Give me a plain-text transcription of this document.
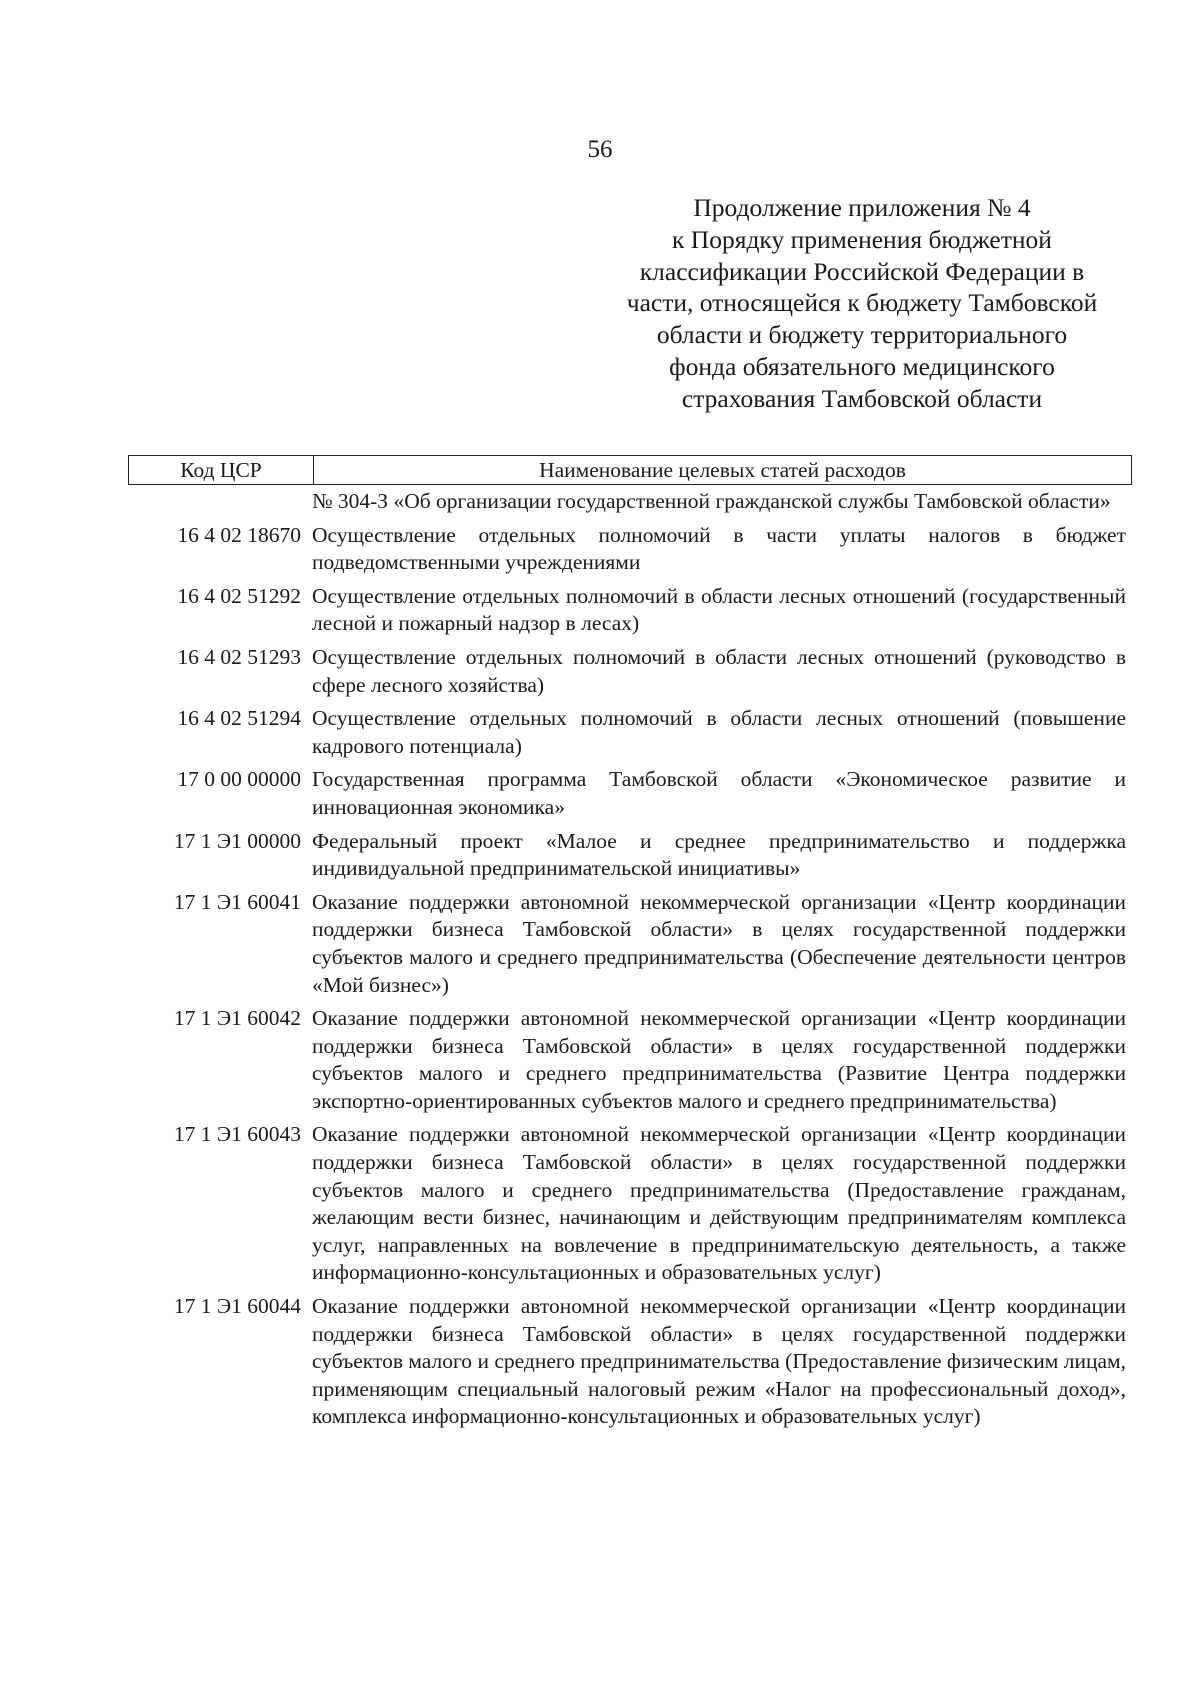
56
Продолжение приложения № 4
к Порядку применения бюджетной
классификации Российской Федерации в
части, относящейся к бюджету Тамбовской
области и бюджету территориального
фонда обязательного медицинского
страхования Тамбовской области
Код ЦСР	Наименование целевых статей расходов
№ 304-З «Об организации государственной гражданской службы Тамбовской области»
16 4 02 18670 Осуществление отдельных полномочий в части уплаты налогов в бюджет подведомственными учреждениями
16 4 02 51292 Осуществление отдельных полномочий в области лесных отношений (государственный лесной и пожарный надзор в лесах)
16 4 02 51293 Осуществление отдельных полномочий в области лесных отношений (руководство в сфере лесного хозяйства)
16 4 02 51294 Осуществление отдельных полномочий в области лесных отношений (повышение кадрового потенциала)
17 0 00 00000 Государственная программа Тамбовской области «Экономическое развитие и инновационная экономика»
17 1 Э1 00000 Федеральный проект «Малое и среднее предпринимательство и поддержка индивидуальной предпринимательской инициативы»
17 1 Э1 60041 Оказание поддержки автономной некоммерческой организации «Центр координации поддержки бизнеса Тамбовской области» в целях государственной поддержки субъектов малого и среднего предпринимательства (Обеспечение деятельности центров «Мой бизнес»)
17 1 Э1 60042 Оказание поддержки автономной некоммерческой организации «Центр координации поддержки бизнеса Тамбовской области» в целях государственной поддержки субъектов малого и среднего предпринимательства (Развитие Центра поддержки экспортно-ориентированных субъектов малого и среднего предпринимательства)
17 1 Э1 60043 Оказание поддержки автономной некоммерческой организации «Центр координации поддержки бизнеса Тамбовской области» в целях государственной поддержки субъектов малого и среднего предпринимательства (Предоставление гражданам, желающим вести бизнес, начинающим и действующим предпринимателям комплекса услуг, направленных на вовлечение в предпринимательскую деятельность, а также информационно-консультационных и образовательных услуг)
17 1 Э1 60044 Оказание поддержки автономной некоммерческой организации «Центр координации поддержки бизнеса Тамбовской области» в целях государственной поддержки субъектов малого и среднего предпринимательства (Предоставление физическим лицам, применяющим специальный налоговый режим «Налог на профессиональный доход», комплекса информационно-консультационных и образовательных услуг)
